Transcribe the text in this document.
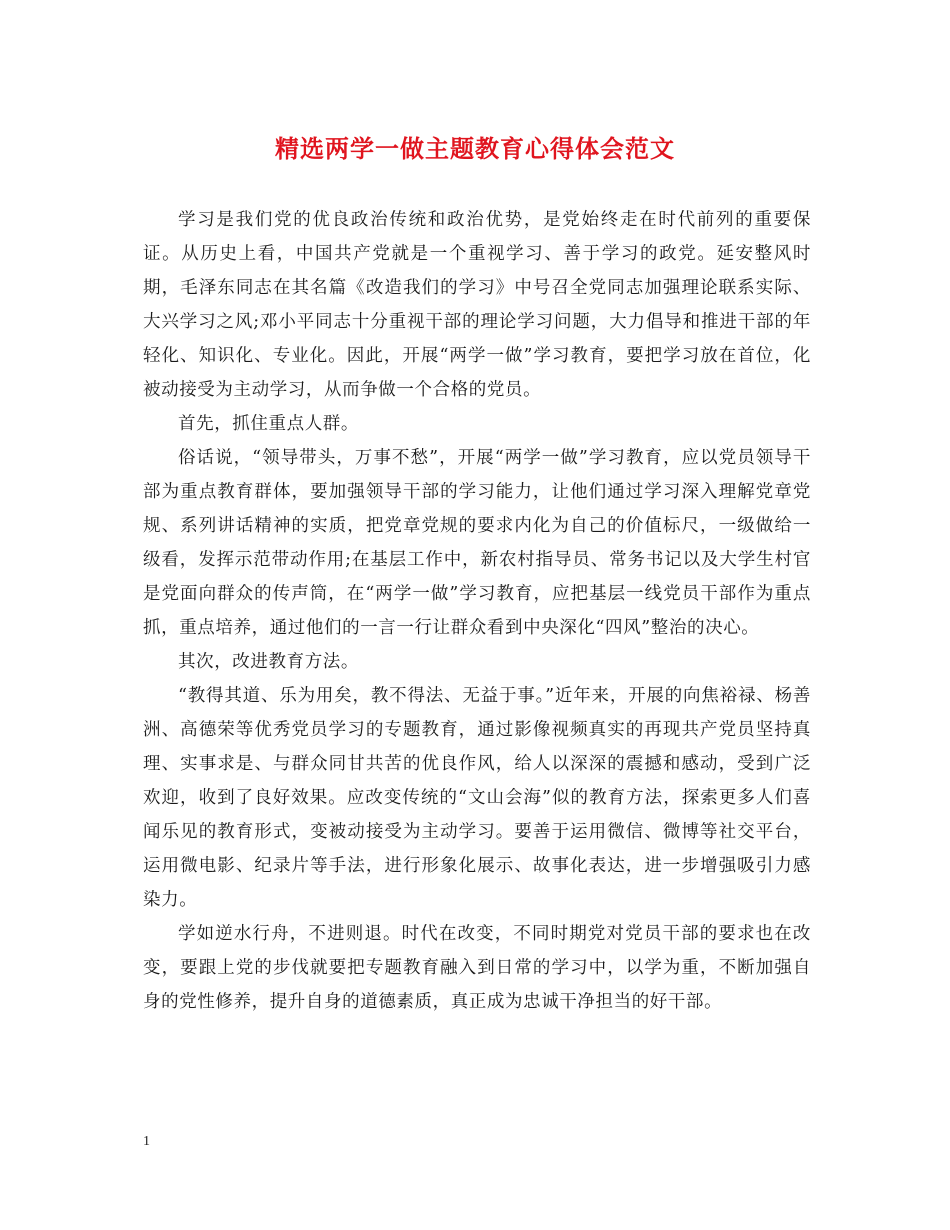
精选两学一做主题教育心得体会范文

学习是我们党的优良政治传统和政治优势，是党始终走在时代前列的重要保证。从历史上看，中国共产党就是一个重视学习、善于学习的政党。延安整风时期，毛泽东同志在其名篇《改造我们的学习》中号召全党同志加强理论联系实际、大兴学习之风;邓小平同志十分重视干部的理论学习问题，大力倡导和推进干部的年轻化、知识化、专业化。因此，开展“两学一做”学习教育，要把学习放在首位，化被动接受为主动学习，从而争做一个合格的党员。

首先，抓住重点人群。

俗话说，“领导带头，万事不愁”，开展“两学一做”学习教育，应以党员领导干部为重点教育群体，要加强领导干部的学习能力，让他们通过学习深入理解党章党规、系列讲话精神的实质，把党章党规的要求内化为自己的价值标尺，一级做给一级看，发挥示范带动作用;在基层工作中，新农村指导员、常务书记以及大学生村官是党面向群众的传声筒，在“两学一做”学习教育，应把基层一线党员干部作为重点抓，重点培养，通过他们的一言一行让群众看到中央深化“四风”整治的决心。

其次，改进教育方法。

“教得其道、乐为用矣，教不得法、无益于事。”近年来，开展的向焦裕禄、杨善洲、高德荣等优秀党员学习的专题教育，通过影像视频真实的再现共产党员坚持真理、实事求是、与群众同甘共苦的优良作风，给人以深深的震撼和感动，受到广泛欢迎，收到了良好效果。应改变传统的“文山会海”似的教育方法，探索更多人们喜闻乐见的教育形式，变被动接受为主动学习。要善于运用微信、微博等社交平台，运用微电影、纪录片等手法，进行形象化展示、故事化表达，进一步增强吸引力感染力。

学如逆水行舟，不进则退。时代在改变，不同时期党对党员干部的要求也在改变，要跟上党的步伐就要把专题教育融入到日常的学习中，以学为重，不断加强自身的党性修养，提升自身的道德素质，真正成为忠诚干净担当的好干部。

1
